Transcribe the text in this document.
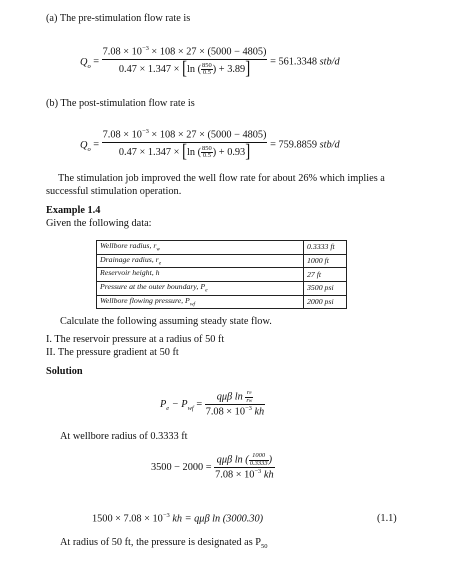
(a) The pre-stimulation flow rate is
$Q_o = \frac{7.08 \times 10^{-3} \times 108 \times 27 \times (5000 - 4805)}{0.47 \times 1.347 \times [\ln ( \frac{850}{0.5} ) + 3.89]} = 561.3348$ stb/d
(b) The post-stimulation flow rate is
$Q_o = \frac{7.08 \times 10^{-3} \times 108 \times 27 \times (5000 - 4805)}{0.47 \times 1.347 \times [\ln ( \frac{850}{0.5} ) + 0.93]} = 759.8859$ stb/d
The stimulation job improved the well flow rate for about 26% which implies a successful stimulation operation.
Example 1.4
Given the following data:
Wellbore radius, $r_w$	0.3333 ft
Drainage radius, $r_e$	1000 ft
Reservoir height, h	27 ft
Pressure at the outer boundary, $P_e$	3500 psi
Wellbore flowing pressure, $P_{wf}$	2000 psi
Calculate the following assuming steady state flow.
I. The reservoir pressure at a radius of 50 ft
II. The pressure gradient at 50 ft
Solution
$P_e - P_{wf} = \frac{q\mu\beta \ln \frac{re}{rw}}{7.08 \times 10^{-3} kh}$
At wellbore radius of 0.3333 ft
$3500 - 2000 = \frac{q\mu\beta \ln ( \frac{1000}{0.3333} )}{7.08 \times 10^{-3} kh}$
$1500 \times 7.08 \times 10^{-3}$ kh = qμβ ln (3000.30)	(1.1)
At radius of 50 ft, the pressure is designated as $P_{50}$
